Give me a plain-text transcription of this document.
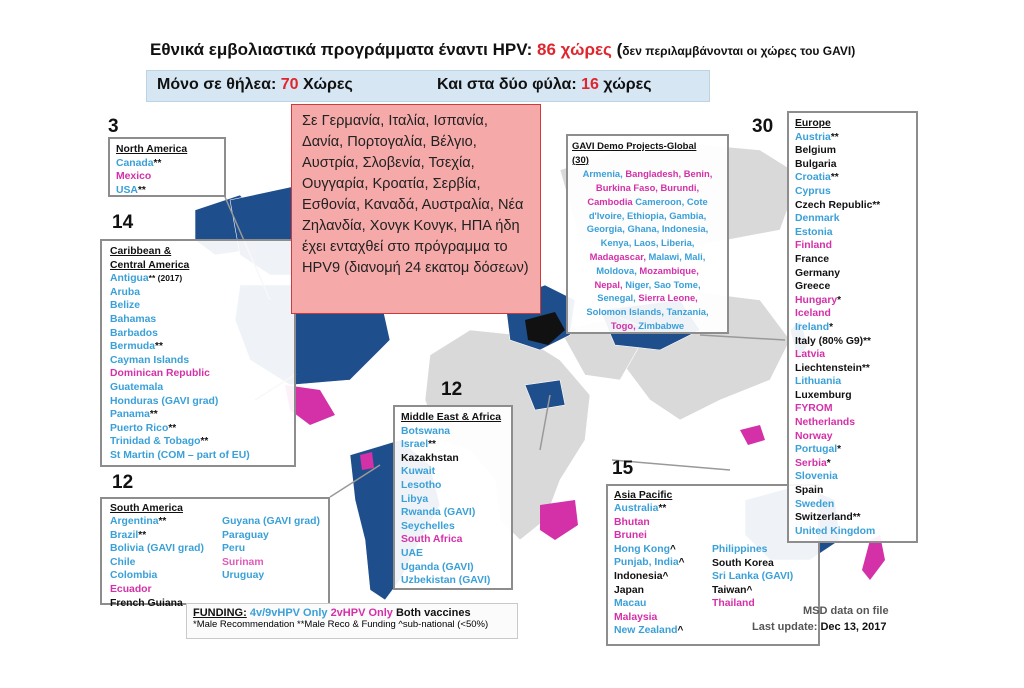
Εθνικά εμβολιαστικά προγράμματα έναντι HPV: 86 χώρες (δεν περιλαμβάνονται οι χώρες του GAVI)
Μόνο σε θήλεα: 70 Χώρες	Και στα δύο φύλα: 16 χώρες
3
14
12
12
15
30
North America
Canada**
Mexico
USA**
Caribbean &
Central America
Antigua** (2017)
Aruba
Belize
Bahamas
Barbados
Bermuda**
Cayman Islands
Dominican Republic
Guatemala
Honduras (GAVI grad)
Panama**
Puerto Rico**
Trinidad & Tobago**
St Martin (COM – part of EU)
South America
Argentina**
Brazil**
Bolivia (GAVI grad)
Chile
Colombia
Ecuador
French Guiana
Guyana (GAVI grad)
Paraguay
Peru
Surinam
Uruguay
Middle East & Africa
Botswana
Israel**
Kazakhstan
Kuwait
Lesotho
Libya
Rwanda (GAVI)
Seychelles
South Africa
UAE
Uganda (GAVI)
Uzbekistan (GAVI)
GAVI Demo Projects-Global
(30)
Armenia, Bangladesh, Benin,
Burkina Faso, Burundi,
Cambodia Cameroon, Cote
d'Ivoire, Ethiopia, Gambia,
Georgia, Ghana, Indonesia,
Kenya, Laos, Liberia,
Madagascar, Malawi, Mali,
Moldova, Mozambique,
Nepal, Niger, Sao Tome,
Senegal, Sierra Leone,
Solomon Islands, Tanzania,
Togo, Zimbabwe
Asia Pacific
Australia**
Bhutan
Brunei
Hong Kong^
Punjab, India^
Indonesia^
Japan
Macau
Malaysia
New Zealand^
Philippines
South Korea
Sri Lanka (GAVI)
Taiwan^
Thailand
Europe
Austria**
Belgium
Bulgaria
Croatia**
Cyprus
Czech Republic**
Denmark
Estonia
Finland
France
Germany
Greece
Hungary*
Iceland
Ireland*
Italy (80% G9)**
Latvia
Liechtenstein**
Lithuania
Luxemburg
FYROM
Netherlands
Norway
Portugal*
Serbia*
Slovenia
Spain
Sweden
Switzerland**
United Kingdom
Σε Γερμανία, Ιταλία, Ισπανία, Δανία, Πορτογαλία, Βέλγιο, Αυστρία, Σλοβενία, Τσεχία, Ουγγαρία, Κροατία, Σερβία, Εσθονία, Καναδά, Αυστραλία, Νέα Ζηλανδία, Χονγκ Κονγκ, ΗΠΑ ήδη έχει ενταχθεί στο πρόγραμμα το HPV9 (διανομή 24 εκατομ δόσεων)
FUNDING: 4v/9vHPV Only 2vHPV Only Both vaccines
*Male Recommendation **Male Reco & Funding ^sub-national (<50%)
MSD data on file
Last update: Dec 13, 2017
